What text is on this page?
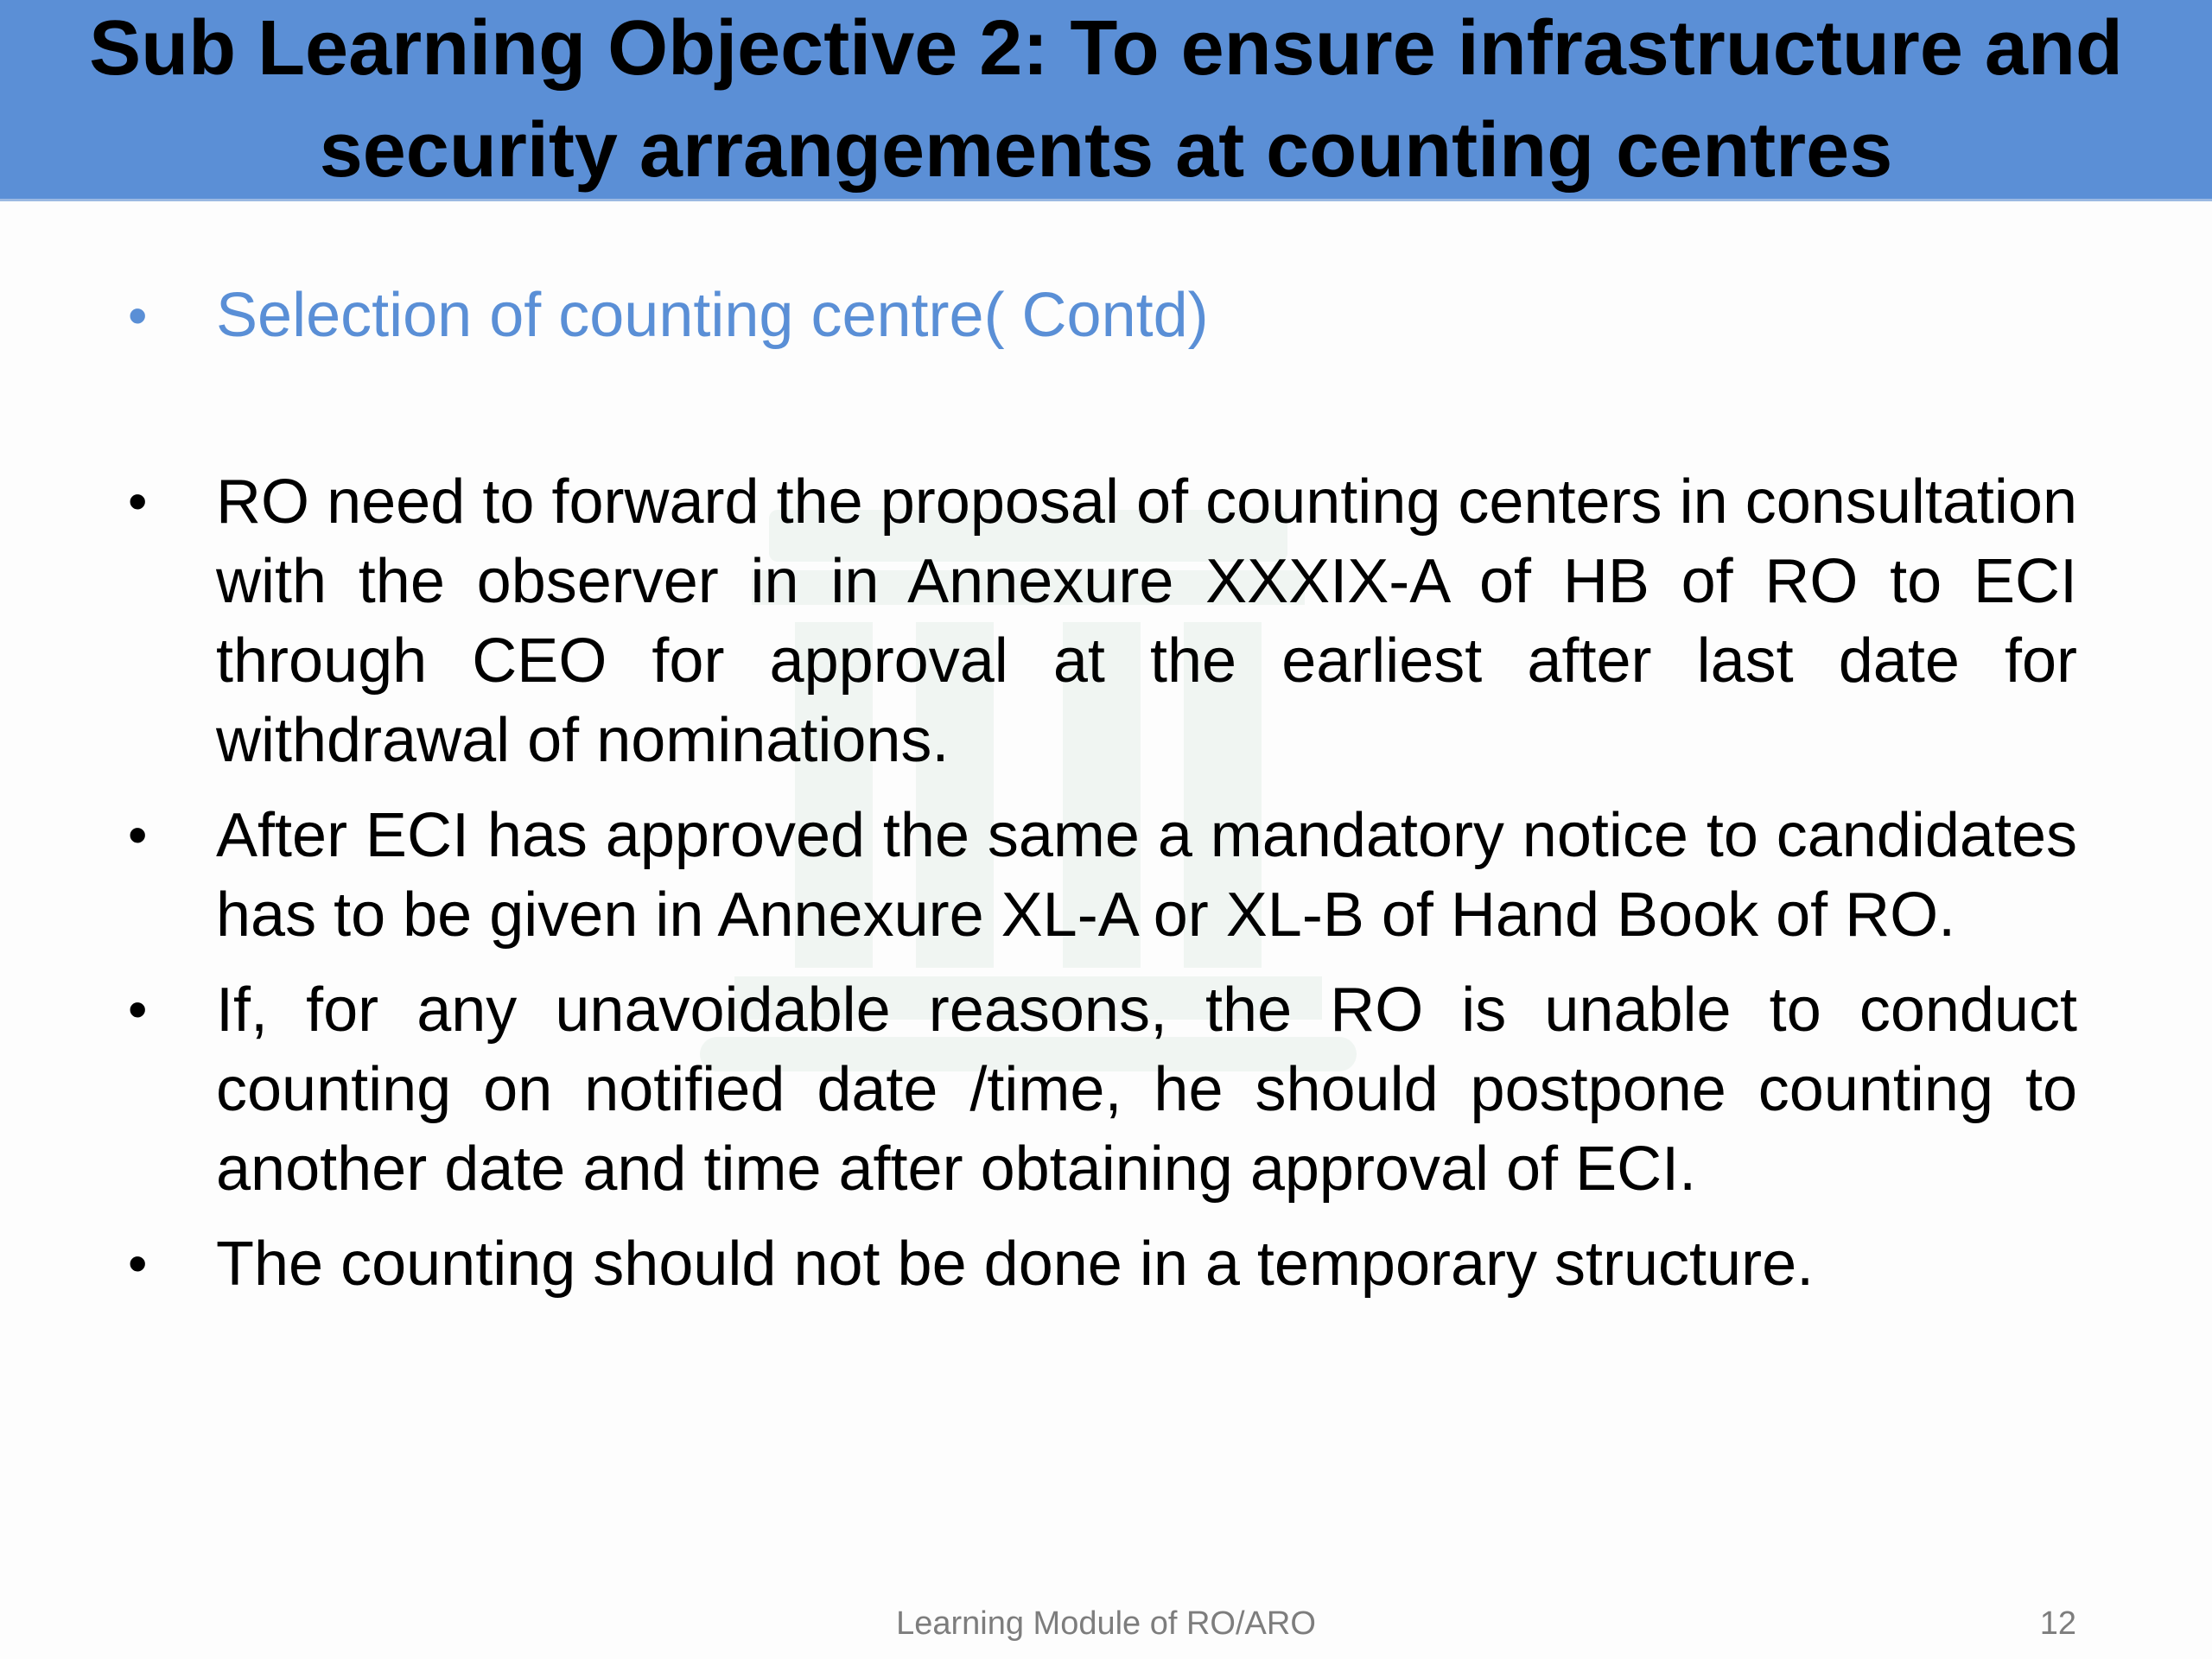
Sub Learning Objective 2: To ensure infrastructure and security arrangements at counting centres
•	Selection of counting centre( Contd)
•	RO need to forward the proposal of counting centers in consultation with the observer in in Annexure XXXIX-A of HB of RO to ECI through CEO for approval at the earliest after last date for withdrawal of nominations.
•	After ECI has approved the same a mandatory notice to candidates has to be given in Annexure XL-A or XL-B of Hand Book of RO.
•	If, for any unavoidable reasons, the RO is unable to conduct counting on notified date /time, he should postpone counting to another date and time after obtaining approval of ECI.
•	The counting should not be done in a temporary structure.
Learning Module of RO/ARO	12
